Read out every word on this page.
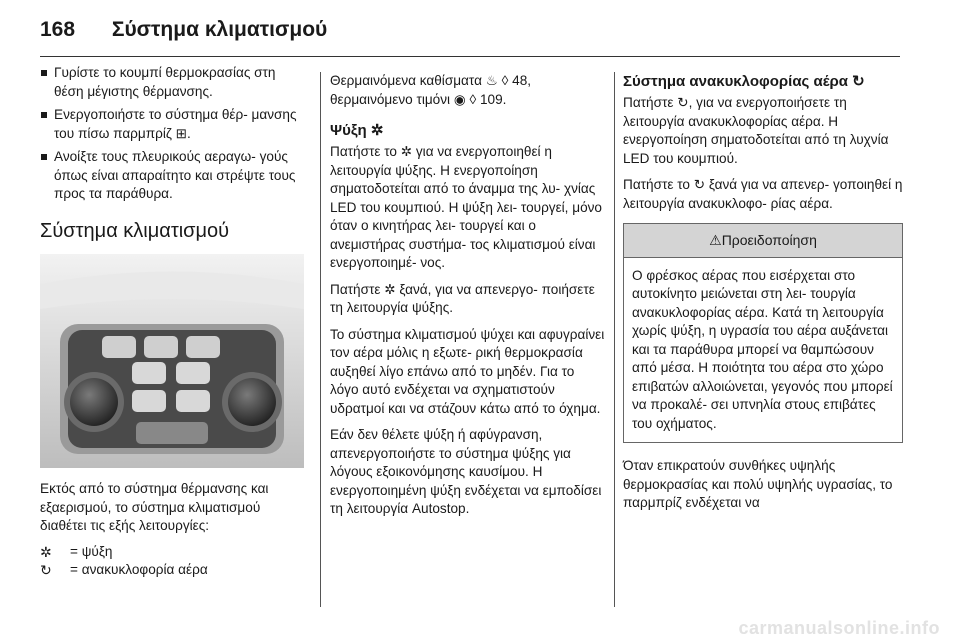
168 Σύστημα κλιματισμού
Γυρίστε το κουμπί θερμοκρασίας στη θέση μέγιστης θέρμανσης.
Ενεργοποιήστε το σύστημα θέρ- μανσης του πίσω παρμπρίζ ⊞.
Ανοίξτε τους πλευρικούς αεραγω- γούς όπως είναι απαραίτητο και στρέψτε τους προς τα παράθυρα.
Σύστημα κλιματισμού

Εκτός από το σύστημα θέρμανσης και εξαερισμού, το σύστημα κλιματισμού διαθέτει τις εξής λειτουργίες:

✲	= ψύξη
↻	= ανακυκλοφορία αέρα

Θερμαινόμενα καθίσματα ♨ ◊ 48, θερμαινόμενο τιμόνι ◉ ◊ 109.

Ψύξη ✲

Πατήστε το ✲ για να ενεργοποιηθεί η λειτουργία ψύξης. Η ενεργοποίηση σηματοδοτείται από το άναμμα της λυ- χνίας LED του κουμπιού. Η ψύξη λει- τουργεί, μόνο όταν ο κινητήρας λει- τουργεί και ο ανεμιστήρας συστήμα- τος κλιματισμού είναι ενεργοποιημέ- νος.

Πατήστε ✲ ξανά, για να απενεργο- ποιήσετε τη λειτουργία ψύξης.

Το σύστημα κλιματισμού ψύχει και αφυγραίνει τον αέρα μόλις η εξωτε- ρική θερμοκρασία αυξηθεί λίγο επάνω από το μηδέν. Για το λόγο αυτό ενδέχεται να σχηματιστούν υδρατμοί και να στάζουν κάτω από το όχημα.

Εάν δεν θέλετε ψύξη ή αφύγρανση, απενεργοποιήστε το σύστημα ψύξης για λόγους εξοικονόμησης καυσίμου. Η ενεργοποιημένη ψύξη ενδέχεται να εμποδίσει τη λειτουργία Autostop.

Σύστημα ανακυκλοφορίας αέρα ↻

Πατήστε ↻, για να ενεργοποιήσετε τη λειτουργία ανακυκλοφορίας αέρα. Η ενεργοποίηση σηματοδοτείται από τη λυχνία LED του κουμπιού.

Πατήστε το ↻ ξανά για να απενερ- γοποιηθεί η λειτουργία ανακυκλοφο- ρίας αέρα.

⚠Προειδοποίηση
Ο φρέσκος αέρας που εισέρχεται στο αυτοκίνητο μειώνεται στη λει- τουργία ανακυκλοφορίας αέρα. Κατά τη λειτουργία χωρίς ψύξη, η υγρασία του αέρα αυξάνεται και τα παράθυρα μπορεί να θαμπώσουν από μέσα. Η ποιότητα του αέρα στο χώρο επιβατών αλλοιώνεται, γεγονός που μπορεί να προκαλέ- σει υπνηλία στους επιβάτες του οχήματος.

Όταν επικρατούν συνθήκες υψηλής θερμοκρασίας και πολύ υψηλής υγρασίας, το παρμπρίζ ενδέχεται να

carmanualsonline.info
